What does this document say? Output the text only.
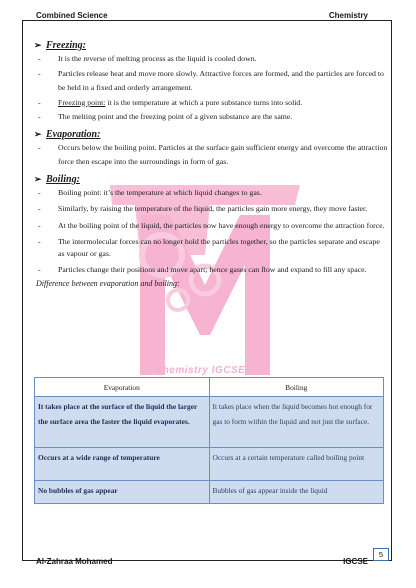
Combined Science	Chemistry
Chemistry IGCSE
➢ Freezing:
- It is the reverse of melting process as the liquid is cooled down.
- Particles release heat and move more slowly. Attractive forces are formed, and the particles are forced to be held in a fixed and orderly arrangement.
- Freezing point: it is the temperature at which a pure substance turns into solid.
- The melting point and the freezing point of a given substance are the same.
➢ Evaporation:
- Occurs below the boiling point. Particles at the surface gain sufficient energy and overcome the attraction force then escape into the surroundings in form of gas.
➢ Boiling:
- Boiling point: it’s the temperature at which liquid changes to gas.
- Similarly, by raising the temperature of the liquid, the particles gain more energy, they move faster.
- At the boiling point of the liquid, the particles now have enough energy to overcome the attraction force.
- The intermolecular forces can no longer hold the particles together, so the particles separate and escape as vapour or gas.
- Particles change their positions and move apart; hence gases can flow and expand to fill any space.
Difference between evaporation and boiling:
Evaporation	Boiling
It takes place at the surface of the liquid the larger the surface area the faster the liquid evaporates.	It takes place when the liquid becomes hot enough for gas to form within the liquid and not just the surface.
Occurs at a wide range of temperature	Occurs at a certain temperature called boiling point
No bubbles of gas appear	Bubbles of gas appear inside the liquid
5
Al-Zahraa Mohamed	IGCSE
